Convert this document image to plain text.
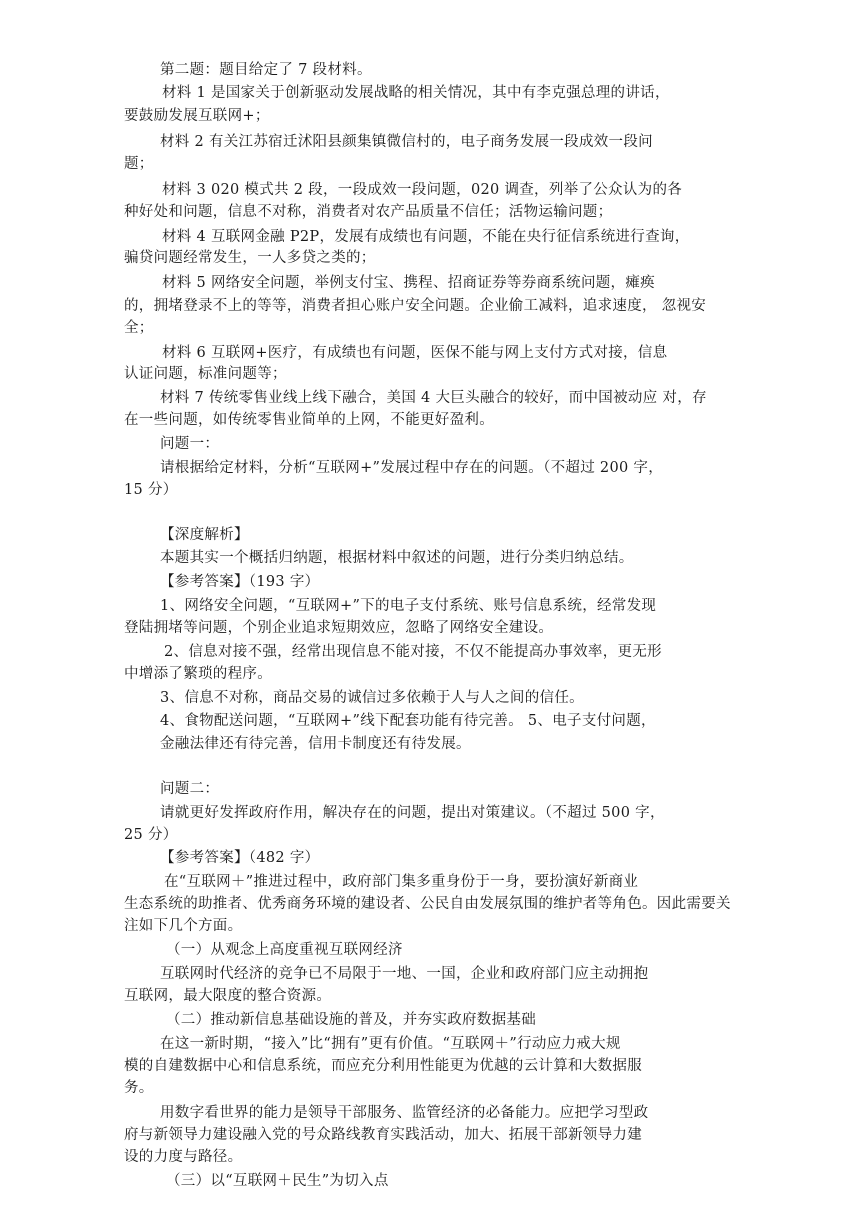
第二题：题目给定了 7 段材料。
材料 1 是国家关于创新驱动发展战略的相关情况，其中有李克强总理的讲话，
要鼓励发展互联网+；
材料 2 有关江苏宿迁沭阳县颜集镇微信村的，电子商务发展一段成效一段问
题；
材料 3 020 模式共 2 段，一段成效一段问题，020 调查，列举了公众认为的各
种好处和问题，信息不对称，消费者对农产品质量不信任；活物运输问题；
材料 4 互联网金融 P2P，发展有成绩也有问题，不能在央行征信系统进行查询，
骗贷问题经常发生，一人多贷之类的；
材料 5 网络安全问题，举例支付宝、携程、招商证券等券商系统问题，瘫痪
的，拥堵登录不上的等等，消费者担心账户安全问题。企业偷工减料，追求速度， 忽视安
全；
材料 6 互联网+医疗，有成绩也有问题，医保不能与网上支付方式对接，信息
认证问题，标准问题等；
材料 7 传统零售业线上线下融合，美国 4 大巨头融合的较好，而中国被动应 对，存
在一些问题，如传统零售业简单的上网，不能更好盈利。
问题一：
请根据给定材料，分析“互联网+”发展过程中存在的问题。（不超过 200 字，
15 分）
【深度解析】
本题其实一个概括归纳题，根据材料中叙述的问题，进行分类归纳总结。
【参考答案】（193 字）
1、网络安全问题，“互联网+”下的电子支付系统、账号信息系统，经常发现
登陆拥堵等问题，个别企业追求短期效应，忽略了网络安全建设。
2、信息对接不强，经常出现信息不能对接，不仅不能提高办事效率，更无形
中增添了繁琐的程序。
3、信息不对称，商品交易的诚信过多依赖于人与人之间的信任。
4、食物配送问题，“互联网+”线下配套功能有待完善。 5、电子支付问题，
金融法律还有待完善，信用卡制度还有待发展。
问题二：
请就更好发挥政府作用，解决存在的问题，提出对策建议。（不超过 500 字，
25 分）
【参考答案】（482 字）
在“互联网＋”推进过程中，政府部门集多重身份于一身，要扮演好新商业
生态系统的助推者、优秀商务环境的建设者、公民自由发展氛围的维护者等角色。因此需要关
注如下几个方面。
（一）从观念上高度重视互联网经济
互联网时代经济的竞争已不局限于一地、一国，企业和政府部门应主动拥抱
互联网，最大限度的整合资源。
（二）推动新信息基础设施的普及，并夯实政府数据基础
在这一新时期，“接入”比“拥有”更有价值。“互联网＋”行动应力戒大规
模的自建数据中心和信息系统，而应充分利用性能更为优越的云计算和大数据服
务。
用数字看世界的能力是领导干部服务、监管经济的必备能力。应把学习型政
府与新领导力建设融入党的号众路线教育实践活动，加大、拓展干部新领导力建
设的力度与路径。
（三）以“互联网＋民生”为切入点
